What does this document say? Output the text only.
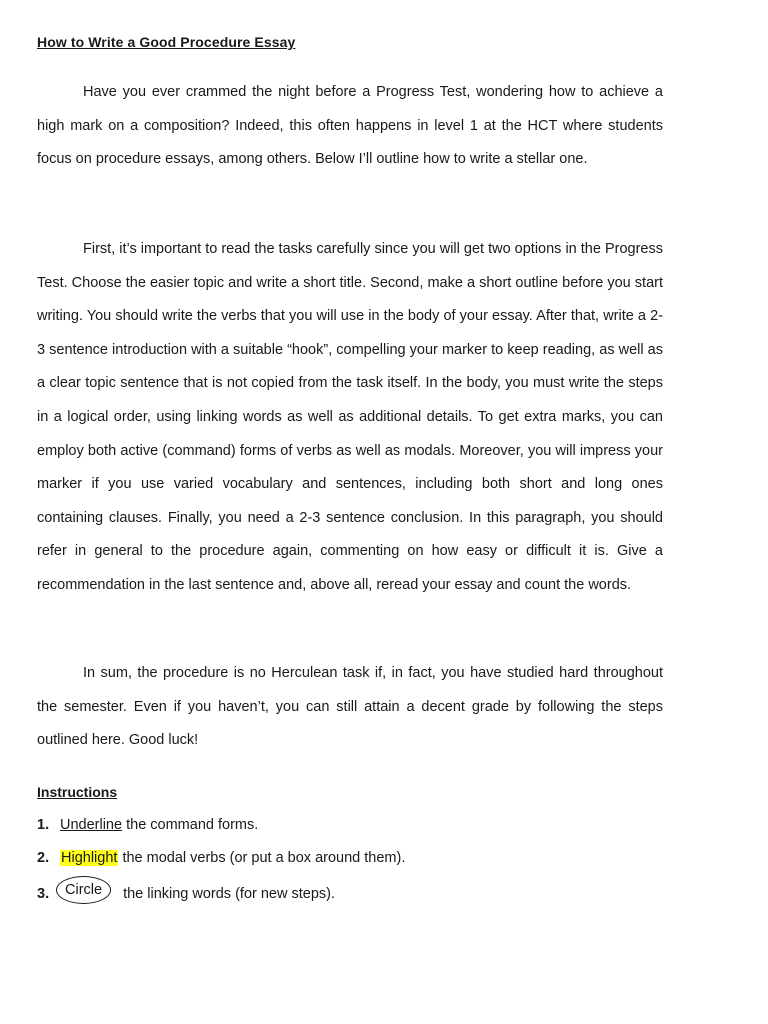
How to Write a Good Procedure Essay

Have you ever crammed the night before a Progress Test, wondering how to achieve a high mark on a composition? Indeed, this often happens in level 1 at the HCT where students focus on procedure essays, among others. Below I’ll outline how to write a stellar one.

First, it’s important to read the tasks carefully since you will get two options in the Progress Test. Choose the easier topic and write a short title. Second, make a short outline before you start writing. You should write the verbs that you will use in the body of your essay. After that, write a 2-3 sentence introduction with a suitable “hook”, compelling your marker to keep reading, as well as a clear topic sentence that is not copied from the task itself. In the body, you must write the steps in a logical order, using linking words as well as additional details. To get extra marks, you can employ both active (command) forms of verbs as well as modals. Moreover, you will impress your marker if you use varied vocabulary and sentences, including both short and long ones containing clauses. Finally, you need a 2-3 sentence conclusion. In this paragraph, you should refer in general to the procedure again, commenting on how easy or difficult it is. Give a recommendation in the last sentence and, above all, reread your essay and count the words.

In sum, the procedure is no Herculean task if, in fact, you have studied hard throughout the semester. Even if you haven’t, you can still attain a decent grade by following the steps outlined here. Good luck!

Instructions
1. Underline the command forms.
2. Highlight the modal verbs (or put a box around them).
3. Circle the linking words (for new steps).
